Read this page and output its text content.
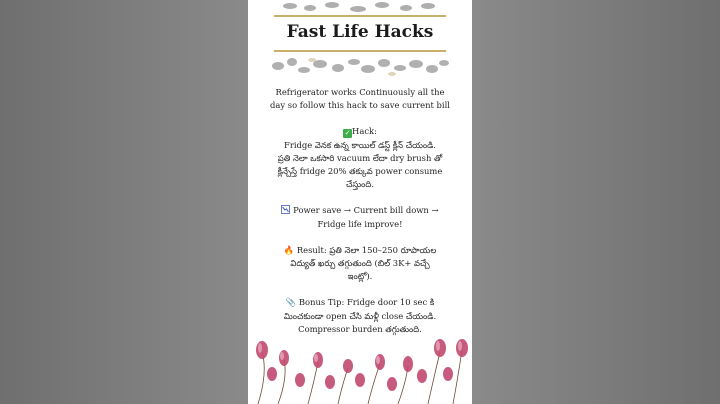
Fast Life Hacks
Refrigerator works Continuously all the
day so follow this hack to save current bill
✓ Hack:
Fridge వెనక ఉన్న కాయిల్ డస్ట్ క్లీన్ చేయండి.
ప్రతి నెలా ఒకసారి vacuum లేదా dry brush తో
క్లీన్చేస్తే fridge 20% తక్కువ power consume
చేస్తుంది.
Power save → Current bill down →
Fridge life improve!
🔥 Result: ప్రతి నెలా 150–250 రూపాయల
విద్యుత్ ఖర్చు తగ్గుతుంది (బిల్ 3K+ వచ్చే
ఇంట్లో).
📎 Bonus Tip: Fridge door 10 sec కి
మించకుండా open చేసి మళ్లీ close చేయండి.
Compressor burden తగ్గుతుంది.
